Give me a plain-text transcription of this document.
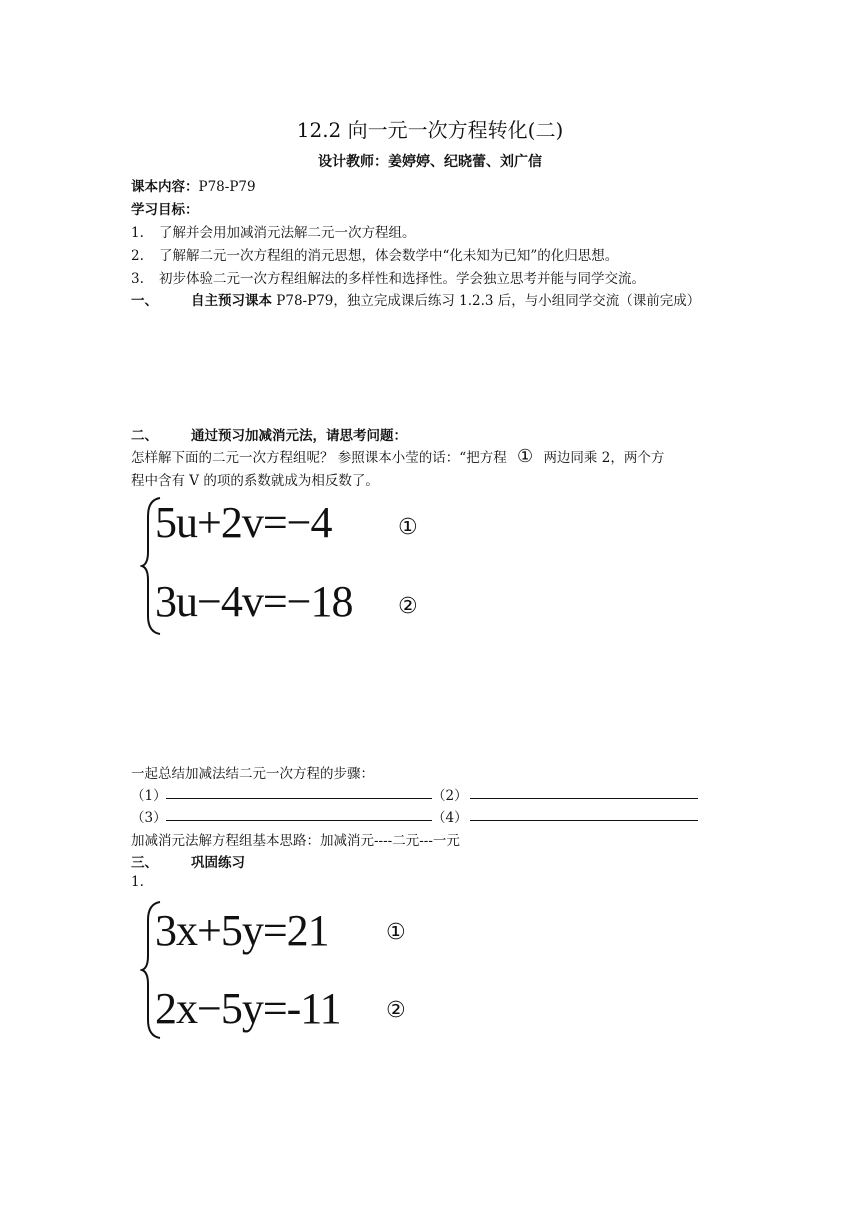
12.2 向一元一次方程转化(二)
设计教师：姜婷婷、纪晓蕾、刘广信
课本内容：P78-P79
学习目标：
1. 了解并会用加减消元法解二元一次方程组。
2. 了解解二元一次方程组的消元思想，体会数学中“化未知为已知”的化归思想。
3. 初步体验二元一次方程组解法的多样性和选择性。学会独立思考并能与同学交流。
一、 自主预习课本 P78-P79，独立完成课后练习 1.2.3 后，与小组同学交流（课前完成）
二、 通过预习加减消元法，请思考问题：
怎样解下面的二元一次方程组呢？ 参照课本小莹的话：“把方程 ① 两边同乘 2，两个方
程中含有 V 的项的系数就成为相反数了。
5u+2v=−4	①
3u−4v=−18 ②
一起总结加减法结二元一次方程的步骤：
（1）	（2）
（3）	（4）
加减消元法解方程组基本思路：加减消元----二元---一元
三、 巩固练习
1.
3x+5y=21	①
2x−5y=-11 ②
